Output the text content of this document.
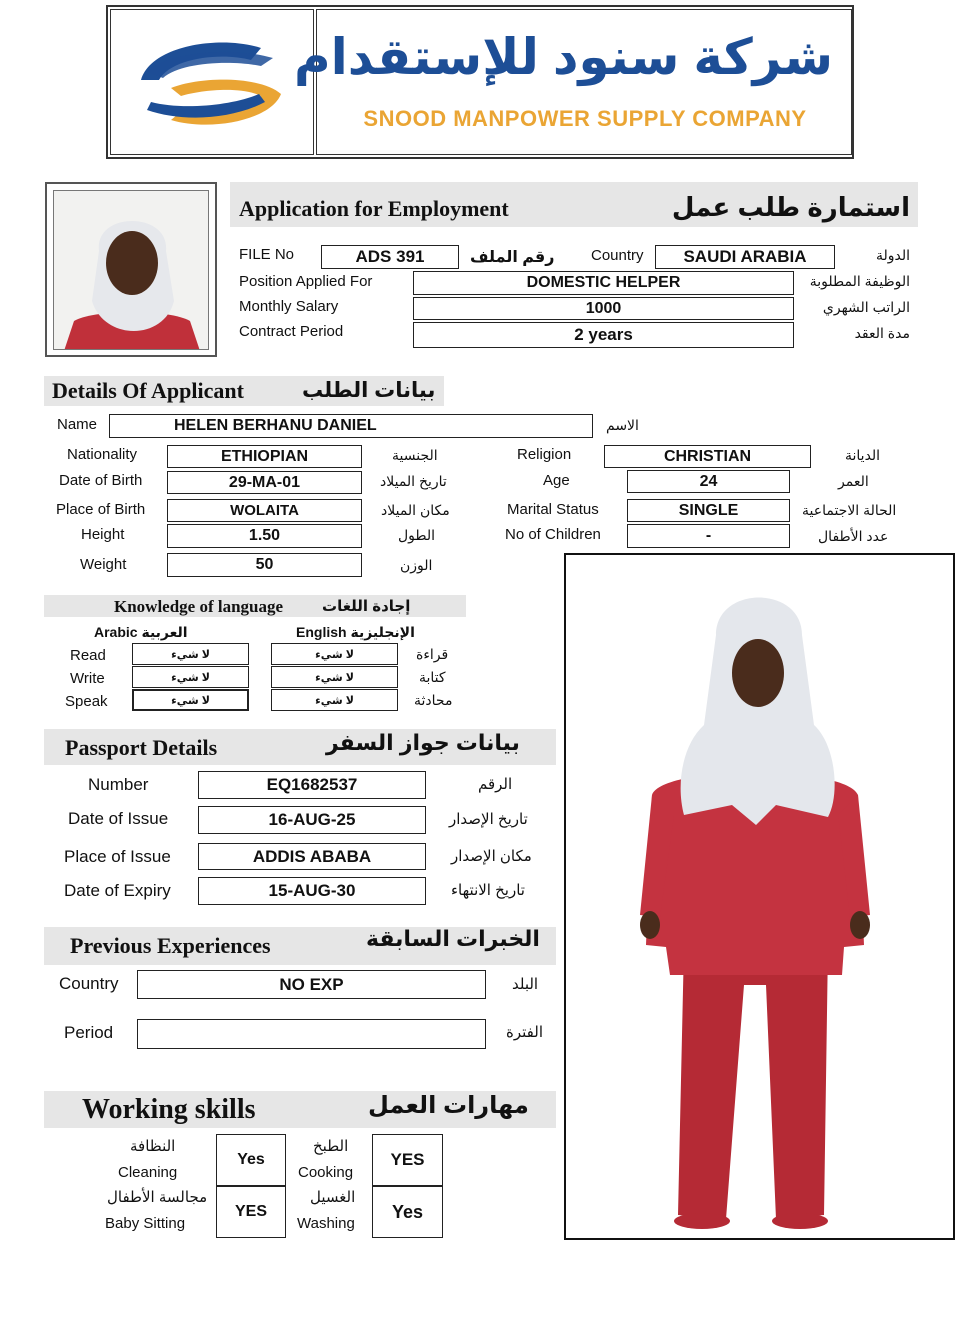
شركة سنود للإستقدام
SNOOD MANPOWER SUPPLY COMPANY
Application for Employment	استمارة طلب عمل
FILE No	ADS 391	رقم الملف Country	SAUDI ARABIA	الدولة
Position Applied For	DOMESTIC HELPER	الوظيفة المطلوبة
Monthly Salary	1000	الراتب الشهري
Contract Period	2 years	مدة العقد
Details Of Applicant	بيانات الطلب
Name	HELEN BERHANU DANIEL	الاسم
Nationality	ETHIOPIAN	الجنسية
Date of Birth	29-MA-01	تاريخ الميلاد
Place of Birth	WOLAITA	مكان الميلاد
Height	1.50	الطول
Weight	50	الوزن
Religion	CHRISTIAN	الديانة
Age	24	العمر
Marital Status	SINGLE	الحالة الاجتماعية
No of Children	-	عدد الأطفال
Knowledge of language	إجادة اللغات
Arabic العربية	English الإنجليزية
Read	لا شيء	لا شيء	قراءة
Write	لا شيء	لا شيء	كتابة
Speak	لا شيء	لا شيء	محادثة
Passport Details	بيانات جواز السفر
Number	EQ1682537	الرقم
Date of Issue	16-AUG-25	تاريخ الإصدار
Place of Issue	ADDIS ABABA	مكان الإصدار
Date of Expiry	15-AUG-30	تاريخ الانتهاء
Previous Experiences	الخبرات السابقة
Country	NO EXP	البلد
Period	الفترة
Working skills	مهارات العمل
النظافة
Cleaning
Yes
مجالسة الأطفال
Baby Sitting
YES
الطبخ
Cooking
YES
الغسيل
Washing
Yes
